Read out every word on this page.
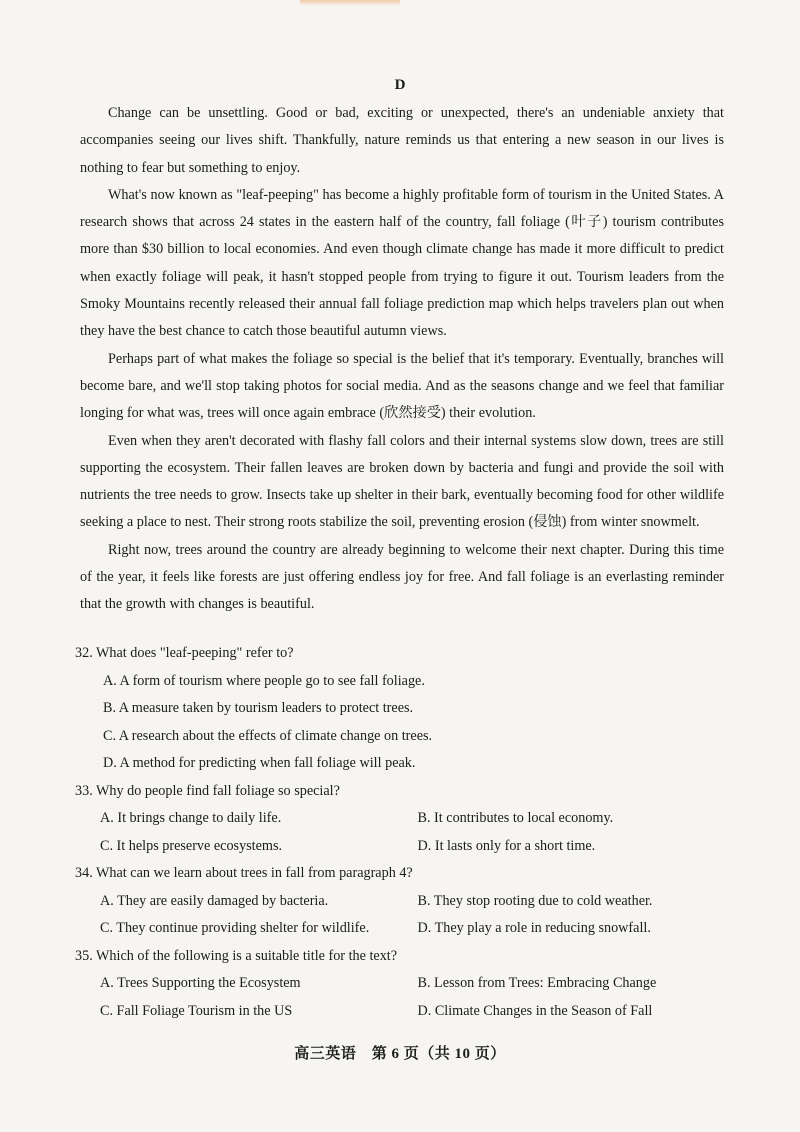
D

Change can be unsettling. Good or bad, exciting or unexpected, there's an undeniable anxiety that accompanies seeing our lives shift. Thankfully, nature reminds us that entering a new season in our lives is nothing to fear but something to enjoy.

What's now known as "leaf-peeping" has become a highly profitable form of tourism in the United States. A research shows that across 24 states in the eastern half of the country, fall foliage (叶子) tourism contributes more than $30 billion to local economies. And even though climate change has made it more difficult to predict when exactly foliage will peak, it hasn't stopped people from trying to figure it out. Tourism leaders from the Smoky Mountains recently released their annual fall foliage prediction map which helps travelers plan out when they have the best chance to catch those beautiful autumn views.

Perhaps part of what makes the foliage so special is the belief that it's temporary. Eventually, branches will become bare, and we'll stop taking photos for social media. And as the seasons change and we feel that familiar longing for what was, trees will once again embrace (欣然接受) their evolution.

Even when they aren't decorated with flashy fall colors and their internal systems slow down, trees are still supporting the ecosystem. Their fallen leaves are broken down by bacteria and fungi and provide the soil with nutrients the tree needs to grow. Insects take up shelter in their bark, eventually becoming food for other wildlife seeking a place to nest. Their strong roots stabilize the soil, preventing erosion (侵蚀) from winter snowmelt.

Right now, trees around the country are already beginning to welcome their next chapter. During this time of the year, it feels like forests are just offering endless joy for free. And fall foliage is an everlasting reminder that the growth with changes is beautiful.

32. What does "leaf-peeping" refer to?
A. A form of tourism where people go to see fall foliage.
B. A measure taken by tourism leaders to protect trees.
C. A research about the effects of climate change on trees.
D. A method for predicting when fall foliage will peak.
33. Why do people find fall foliage so special?
A. It brings change to daily life.	B. It contributes to local economy.
C. It helps preserve ecosystems.	D. It lasts only for a short time.
34. What can we learn about trees in fall from paragraph 4?
A. They are easily damaged by bacteria.	B. They stop rooting due to cold weather.
C. They continue providing shelter for wildlife.	D. They play a role in reducing snowfall.
35. Which of the following is a suitable title for the text?
A. Trees Supporting the Ecosystem	B. Lesson from Trees: Embracing Change
C. Fall Foliage Tourism in the US	D. Climate Changes in the Season of Fall
高三英语　第 6 页（共 10 页）
